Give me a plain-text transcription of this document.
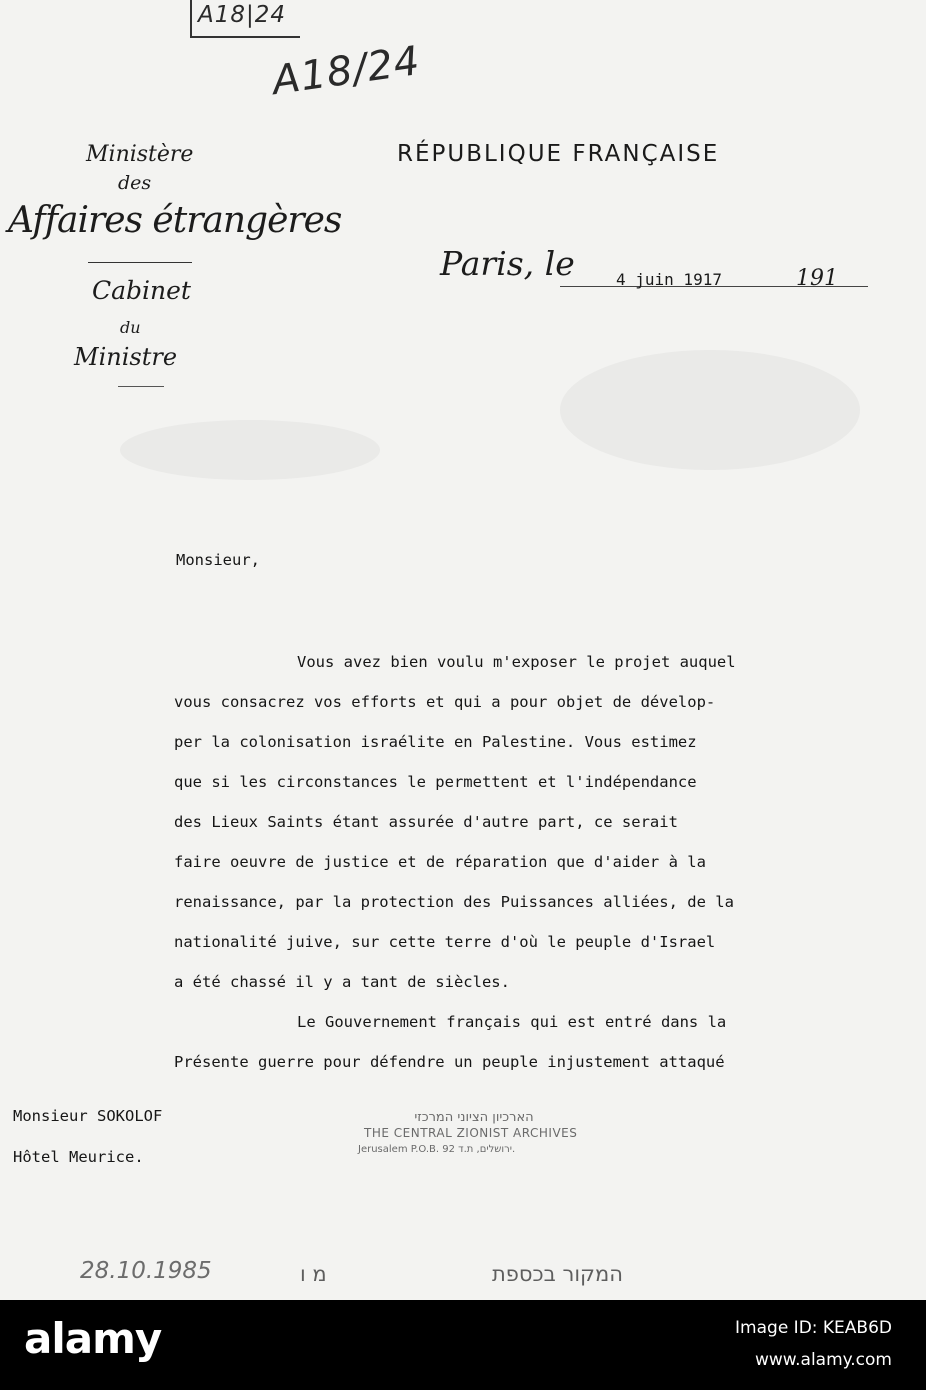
A18|24
A18/24
Ministère
des
Affaires étrangères
Cabinet
du
Ministre
RÉPUBLIQUE FRANÇAISE
Paris, le	4 juin 1917	191
Monsieur,
Vous avez bien voulu m'exposer le projet auquel
vous consacrez vos efforts et qui a pour objet de dévelop-
per la colonisation israélite en Palestine. Vous estimez
que si les circonstances le permettent et l'indépendance
des Lieux Saints étant assurée d'autre part, ce serait
faire oeuvre de justice et de réparation que d'aider à la
renaissance, par la protection des Puissances alliées, de la
nationalité juive, sur cette terre d'où le peuple d'Israel
a été chassé il y a tant de siècles.
Le Gouvernement français qui est entré dans la
Présente guerre pour défendre un peuple injustement attaqué
Monsieur SOKOLOF
Hôtel Meurice.
הארכיון הציוני המרכזי
THE CENTRAL ZIONIST ARCHIVES
Jerusalem P.O.B. 92 ירושלים, ת.ד.
28.10.1985	מ ו	המקור בכספת
alamy	Image ID: KEAB6D
www.alamy.com
